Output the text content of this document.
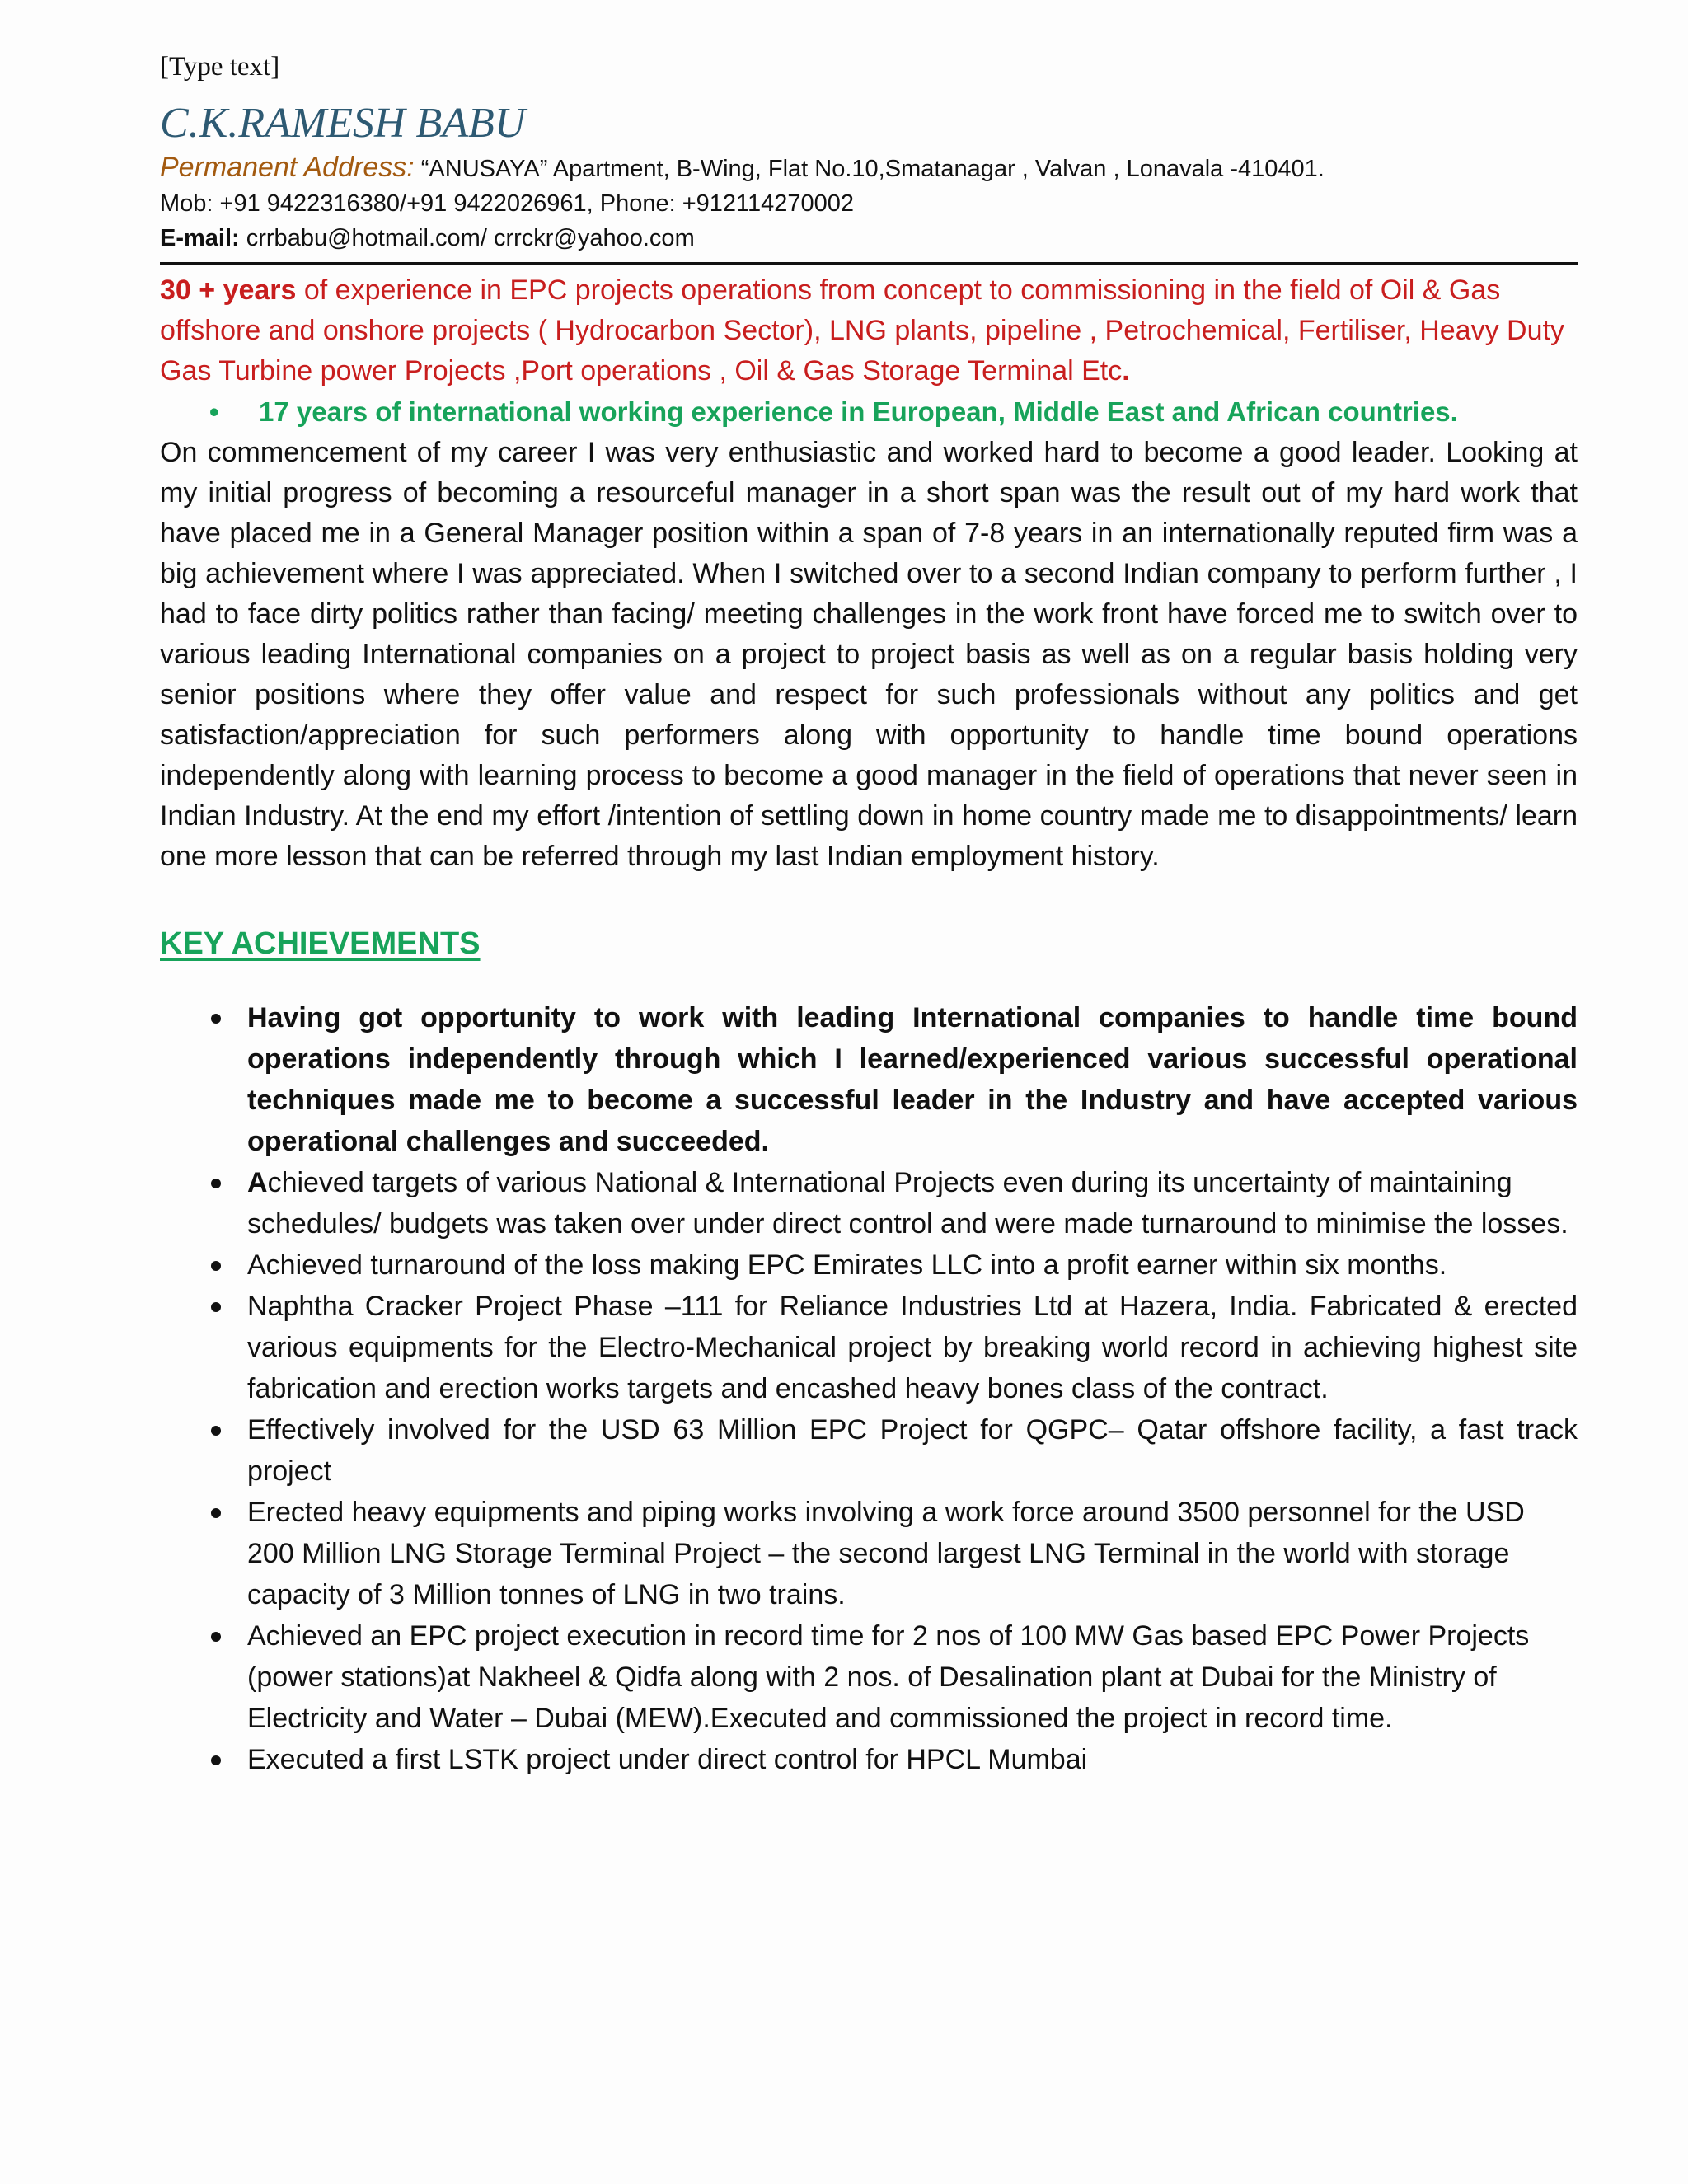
[Type text]
C.K.RAMESH BABU
Permanent Address: “ANUSAYA” Apartment, B-Wing, Flat No.10,Smatanagar , Valvan , Lonavala -410401.
Mob: +91 9422316380/+91 9422026961, Phone: +912114270002
E-mail: crrbabu@hotmail.com/ crrckr@yahoo.com
30 + years of experience in EPC projects operations from concept to commissioning in the field of Oil & Gas offshore and onshore projects ( Hydrocarbon Sector), LNG plants, pipeline , Petrochemical, Fertiliser, Heavy Duty Gas Turbine power Projects ,Port operations , Oil & Gas Storage Terminal Etc.
• 17 years of international working experience in European, Middle East and African countries.
On commencement of my career I was very enthusiastic and worked hard to become a good leader. Looking at my initial progress of becoming a resourceful manager in a short span was the result out of my hard work that have placed me in a General Manager position within a span of 7-8 years in an internationally reputed firm was a big achievement where I was appreciated. When I switched over to a second Indian company to perform further , I had to face dirty politics rather than facing/ meeting challenges in the work front have forced me to switch over to various leading International companies on a project to project basis as well as on a regular basis holding very senior positions where they offer value and respect for such professionals without any politics and get satisfaction/appreciation for such performers along with opportunity to handle time bound operations independently along with learning process to become a good manager in the field of operations that never seen in Indian Industry. At the end my effort /intention of settling down in home country made me to disappointments/ learn one more lesson that can be referred through my last Indian employment history.
KEY ACHIEVEMENTS
Having got opportunity to work with leading International companies to handle time bound operations independently through which I learned/experienced various successful operational techniques made me to become a successful leader in the Industry and have accepted various operational challenges and succeeded.
Achieved targets of various National & International Projects even during its uncertainty of maintaining schedules/ budgets was taken over under direct control and were made turnaround to minimise the losses.
Achieved turnaround of the loss making EPC Emirates LLC into a profit earner within six months.
Naphtha Cracker Project Phase –111 for Reliance Industries Ltd at Hazera, India. Fabricated & erected various equipments for the Electro-Mechanical project by breaking world record in achieving highest site fabrication and erection works targets and encashed heavy bones class of the contract.
Effectively involved for the USD 63 Million EPC Project for QGPC– Qatar offshore facility, a fast track project
Erected heavy equipments and piping works involving a work force around 3500 personnel for the USD 200 Million LNG Storage Terminal Project – the second largest LNG Terminal in the world with storage capacity of 3 Million tonnes of LNG in two trains.
Achieved an EPC project execution in record time for 2 nos of 100 MW Gas based EPC Power Projects (power stations)at Nakheel & Qidfa along with 2 nos. of Desalination plant at Dubai for the Ministry of Electricity and Water – Dubai (MEW).Executed and commissioned the project in record time.
Executed a first LSTK project under direct control for HPCL Mumbai
